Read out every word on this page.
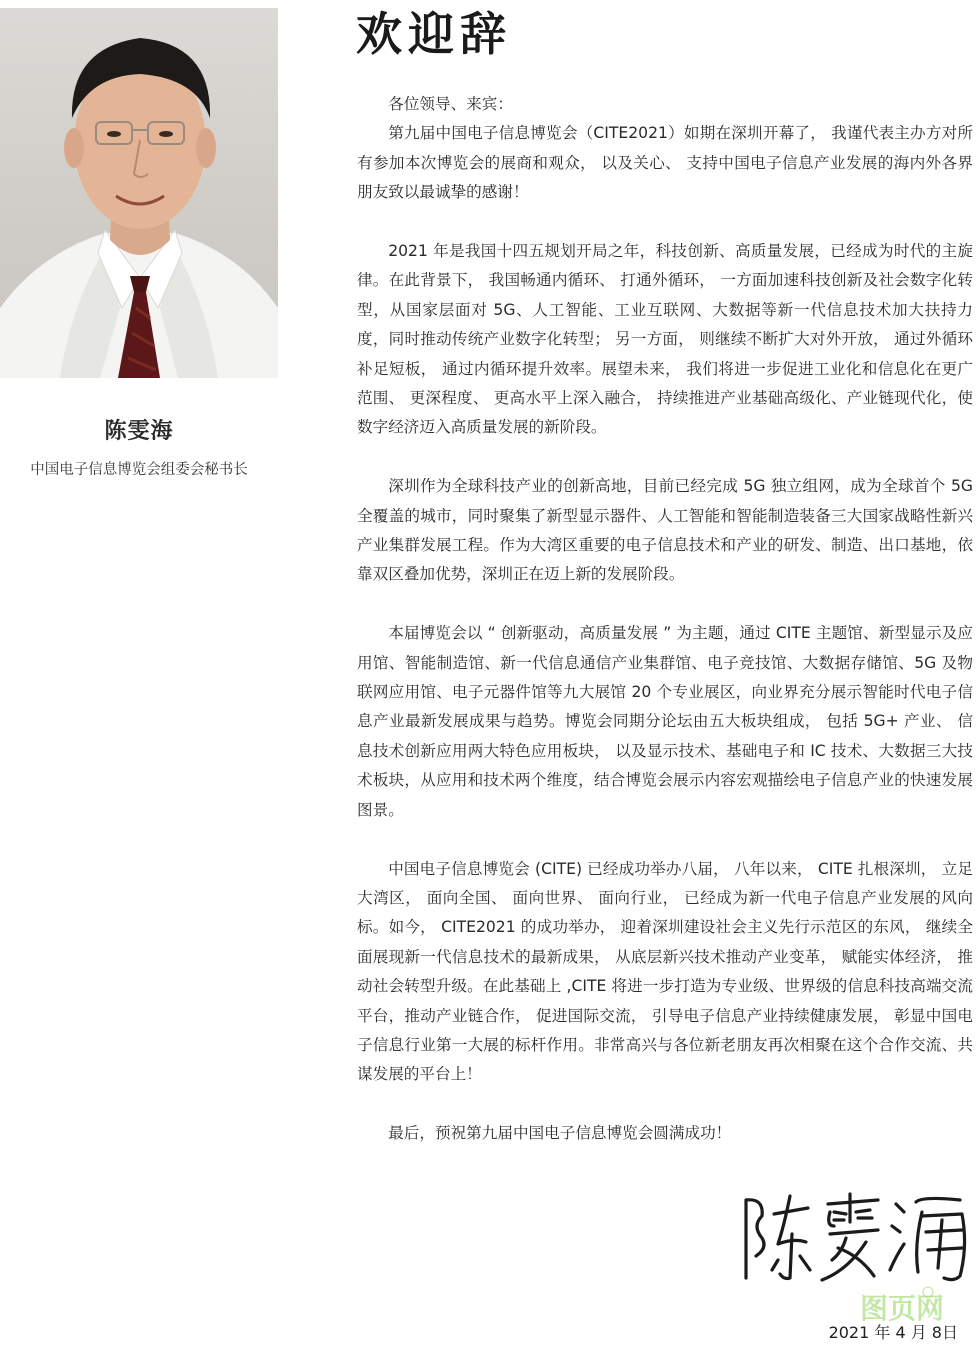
陈雯海
中国电子信息博览会组委会秘书长
欢迎辞

各位领导、来宾：

第九届中国电子信息博览会（CITE2021）如期在深圳开幕了， 我谨代表主办方对所有参加本次博览会的展商和观众， 以及关心、 支持中国电子信息产业发展的海内外各界朋友致以最诚挚的感谢！

2021 年是我国十四五规划开局之年，科技创新、高质量发展，已经成为时代的主旋律。在此背景下， 我国畅通内循环、 打通外循环， 一方面加速科技创新及社会数字化转型，从国家层面对 5G、人工智能、工业互联网、大数据等新一代信息技术加大扶持力度，同时推动传统产业数字化转型； 另一方面， 则继续不断扩大对外开放， 通过外循环补足短板， 通过内循环提升效率。展望未来， 我们将进一步促进工业化和信息化在更广范围、 更深程度、 更高水平上深入融合， 持续推进产业基础高级化、产业链现代化，使数字经济迈入高质量发展的新阶段。

深圳作为全球科技产业的创新高地，目前已经完成 5G 独立组网，成为全球首个 5G 全覆盖的城市，同时聚集了新型显示器件、人工智能和智能制造装备三大国家战略性新兴产业集群发展工程。作为大湾区重要的电子信息技术和产业的研发、制造、出口基地，依靠双区叠加优势，深圳正在迈上新的发展阶段。

本届博览会以 “ 创新驱动，高质量发展 ” 为主题，通过 CITE 主题馆、新型显示及应用馆、智能制造馆、新一代信息通信产业集群馆、电子竞技馆、大数据存储馆、5G 及物联网应用馆、电子元器件馆等九大展馆 20 个专业展区，向业界充分展示智能时代电子信息产业最新发展成果与趋势。博览会同期分论坛由五大板块组成， 包括 5G+ 产业、 信息技术创新应用两大特色应用板块， 以及显示技术、基础电子和 IC 技术、大数据三大技术板块，从应用和技术两个维度，结合博览会展示内容宏观描绘电子信息产业的快速发展图景。

中国电子信息博览会 (CITE) 已经成功举办八届， 八年以来， CITE 扎根深圳， 立足大湾区， 面向全国、 面向世界、 面向行业， 已经成为新一代电子信息产业发展的风向标。如今， CITE2021 的成功举办， 迎着深圳建设社会主义先行示范区的东风， 继续全面展现新一代信息技术的最新成果， 从底层新兴技术推动产业变革， 赋能实体经济， 推动社会转型升级。在此基础上 ,CITE 将进一步打造为专业级、世界级的信息科技高端交流平台，推动产业链合作， 促进国际交流， 引导电子信息产业持续健康发展， 彰显中国电子信息行业第一大展的标杆作用。非常高兴与各位新老朋友再次相聚在这个合作交流、共谋发展的平台上！

最后，预祝第九届中国电子信息博览会圆满成功！

图页网
2021 年 4 月 8日
